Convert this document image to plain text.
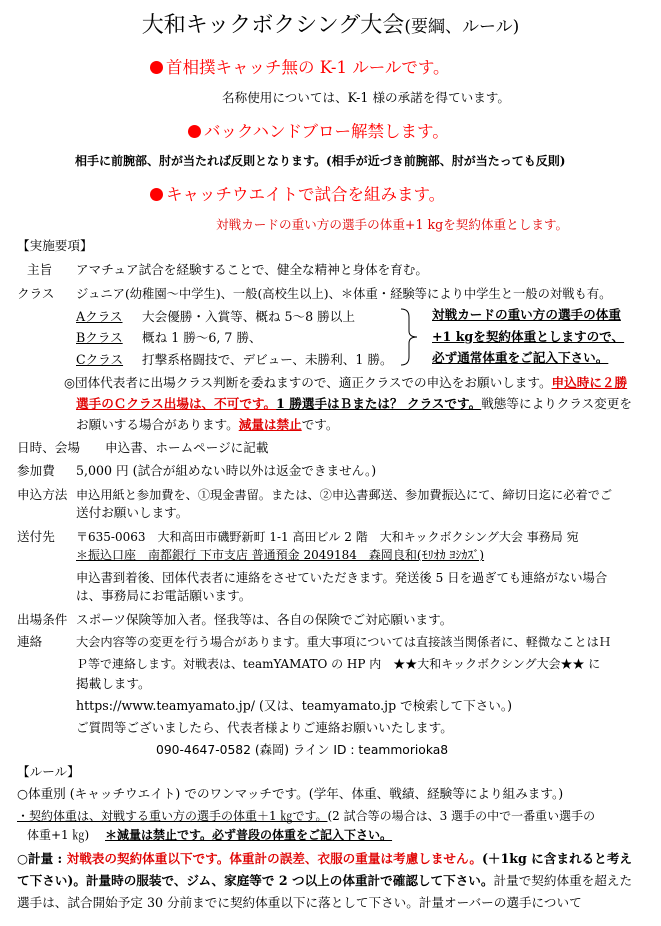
大和キックボクシング大会(要綱、ルール)
首相撲キャッチ無の K-1 ルールです。
名称使用については、K-1 様の承諾を得ています。
バックハンドブロー解禁します。
相手に前腕部、肘が当たれば反則となります。(相手が近づき前腕部、肘が当たっても反則)
キャッチウエイトで試合を組みます。
対戦カードの重い方の選手の体重+1 kgを契約体重とします。
【実施要項】
主旨 アマチュア試合を経験することで、健全な精神と身体を育む。
クラス ジュニア(幼稚園〜中学生)、一般(高校生以上)、＊体重・経験等により中学生と一般の対戦も有。
Aクラス 大会優勝・入賞等、概ね 5〜8 勝以上
Bクラス 概ね 1 勝〜6, 7 勝、
Cクラス 打撃系格闘技で、デビュー、未勝利、1 勝。
対戦カードの重い方の選手の体重
+1 kgを契約体重としますので、
必ず通常体重をご記入下さい。
◎団体代表者に出場クラス判断を委ねますので、適正クラスでの申込をお願いします。申込時に２勝
選手のＣクラス出場は、不可です。1 勝選手はＢまたは？ クラスです。戦態等によりクラス変更を
お願いする場合があります。減量は禁止です。
日時、会場 申込書、ホームページに記載
参加費 5,000 円 (試合が組めない時以外は返金できません。)
申込方法 申込用紙と参加費を、①現金書留。または、②申込書郵送、参加費振込にて、締切日迄に必着でご
送付お願いします。
送付先 〒635-0063　大和高田市磯野新町 1-1 高田ビル 2 階　大和キックボクシング大会 事務局 宛
＊振込口座　南都銀行 下市支店 普通預金 2049184　森岡良和(ﾓﾘｵｶ ﾖｼｶｽﾞ)
申込書到着後、団体代表者に連絡をさせていただきます。発送後 5 日を過ぎても連絡がない場合
は、事務局にお電話願います。
出場条件 スポーツ保険等加入者。怪我等は、各自の保険でご対応願います。
連絡	大会内容等の変更を行う場合があります。重大事項については直接該当関係者に、軽微なことはＨ
Ｐ等で連絡します。対戦表は、teamYAMATO の HP 内　★★大和キックボクシング大会★★ に
掲載します。
https://www.teamyamato.jp/ (又は、teamyamato.jp で検索して下さい。)
ご質問等ございましたら、代表者様よりご連絡お願いいたします。
090-4647-0582 (森岡) ライン ID : teammorioka8
【ルール】
○体重別 (キャッチウエイト) でのワンマッチです。(学年、体重、戦績、経験等により組みます。)
・契約体重は、対戦する重い方の選手の体重＋1 ㎏です。(2 試合等の場合は、3 選手の中で一番重い選手の
体重+1 ㎏) ＊減量は禁止です。必ず普段の体重をご記入下さい。
○計量 : 対戦表の契約体重以下です。体重計の誤差、衣服の重量は考慮しません。(＋1kg に含まれると考え
て下さい)。計量時の服装で、ジム、家庭等で 2 つ以上の体重計で確認して下さい。計量で契約体重を超えた
選手は、試合開始予定 30 分前までに契約体重以下に落として下さい。計量オーバーの選手について
